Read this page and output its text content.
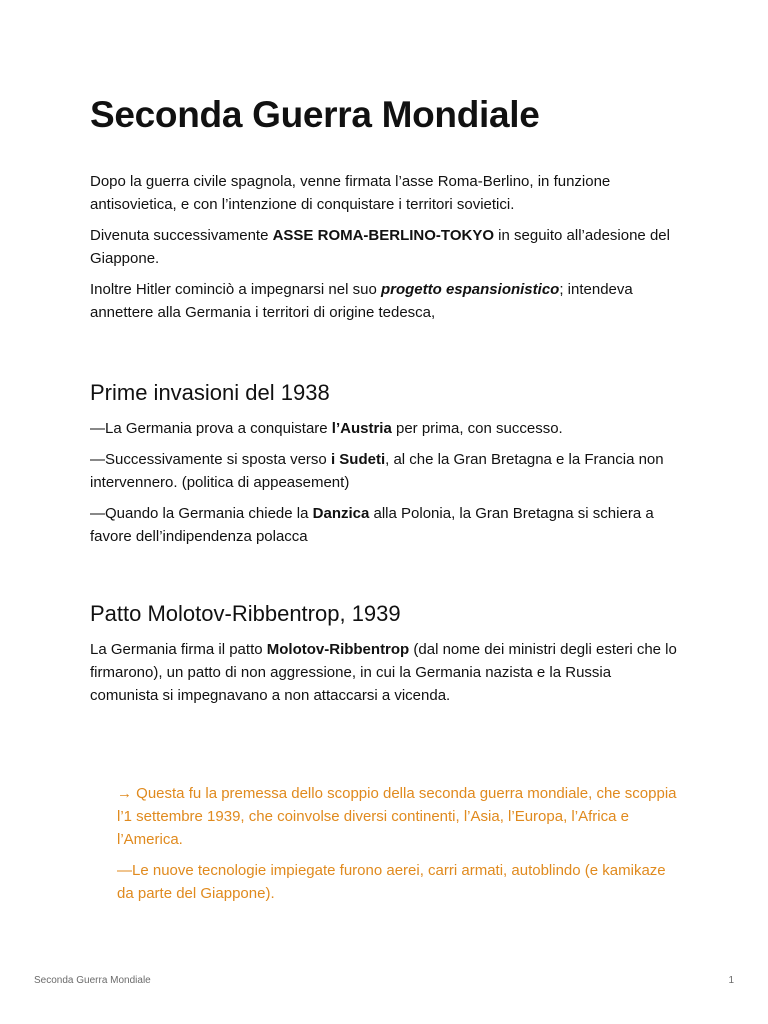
Seconda Guerra Mondiale

Dopo la guerra civile spagnola, venne firmata l’asse Roma-Berlino, in funzione antisovietica, e con l’intenzione di conquistare i territori sovietici.

Divenuta successivamente ASSE ROMA-BERLINO-TOKYO in seguito all’adesione del Giappone.

Inoltre Hitler cominciò a impegnarsi nel suo progetto espansionistico; intendeva annettere alla Germania i territori di origine tedesca,

Prime invasioni del 1938

—La Germania prova a conquistare l’Austria per prima, con successo.

—Successivamente si sposta verso i Sudeti, al che la Gran Bretagna e la Francia non intervennero. (politica di appeasement)

—Quando la Germania chiede la Danzica alla Polonia, la Gran Bretagna si schiera a favore dell’indipendenza polacca

Patto Molotov-Ribbentrop, 1939

La Germania firma il patto Molotov-Ribbentrop (dal nome dei ministri degli esteri che lo firmarono), un patto di non aggressione, in cui la Germania nazista e la Russia comunista si impegnavano a non attaccarsi a vicenda.

→ Questa fu la premessa dello scoppio della seconda guerra mondiale, che scoppia l’1 settembre 1939, che coinvolse diversi continenti, l’Asia, l’Europa, l’Africa e l’America.

—Le nuove tecnologie impiegate furono aerei, carri armati, autoblindo (e kamikaze da parte del Giappone).

Seconda Guerra Mondiale	1
